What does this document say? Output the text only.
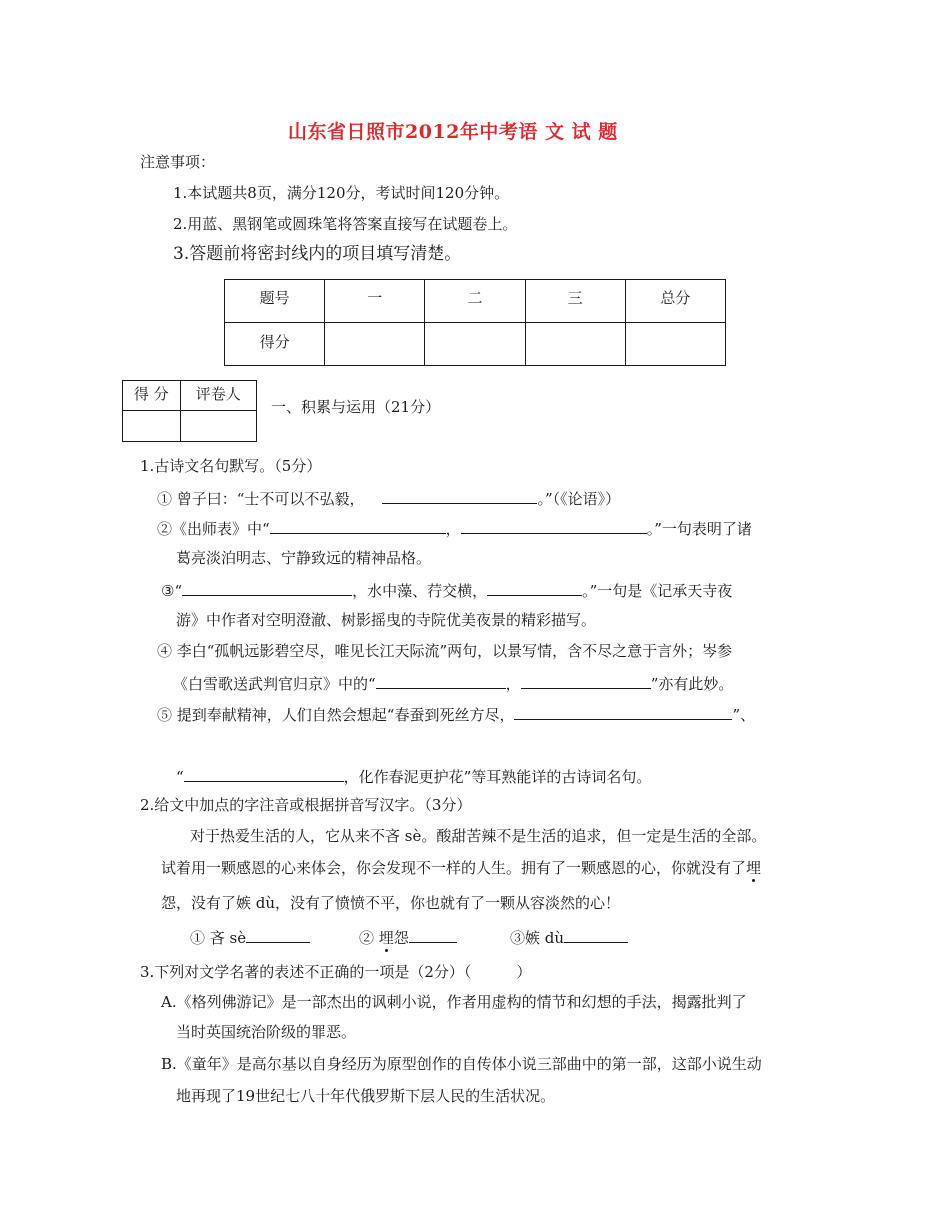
山东省日照市2012年中考语 文 试 题
注意事项：
1.本试题共8页，满分120分，考试时间120分钟。
2.用蓝、黑钢笔或圆珠笔将答案直接写在试题卷上。
3.答题前将密封线内的项目填写清楚。
题号	一	二	三	总分
得分				
得 分	评卷人

一、积累与运用（21分）
1.古诗文名句默写。（5分）
① 曾子曰：“士不可以不弘毅，	。”（《论语》）
②《出师表》中“	，	。”一句表明了诸
葛亮淡泊明志、宁静致远的精神品格。
③“	，水中藻、荇交横，	。”一句是《记承天寺夜
游》中作者对空明澄澈、树影摇曳的寺院优美夜景的精彩描写。
④ 李白“孤帆远影碧空尽，唯见长江天际流”两句，以景写情，含不尽之意于言外；岑参
《白雪歌送武判官归京》中的“	，	”亦有此妙。
⑤ 提到奉献精神，人们自然会想起“春蚕到死丝方尽，	”、
“	，化作春泥更护花”等耳熟能详的古诗词名句。
2.给文中加点的字注音或根据拼音写汉字。（3分）
对于热爱生活的人，它从来不吝 sè。酸甜苦辣不是生活的追求，但一定是生活的全部。
试着用一颗感恩的心来体会，你会发现不一样的人生。拥有了一颗感恩的心，你就没有了埋
怨，没有了嫉 dù，没有了愤愤不平，你也就有了一颗从容淡然的心！
① 吝 sè	② 埋怨	③嫉 dù
3.下列对文学名著的表述不正确的一项是（2分）（　　　）
A.《格列佛游记》是一部杰出的讽刺小说，作者用虚构的情节和幻想的手法，揭露批判了
当时英国统治阶级的罪恶。
B.《童年》是高尔基以自身经历为原型创作的自传体小说三部曲中的第一部，这部小说生动
地再现了19世纪七八十年代俄罗斯下层人民的生活状况。
